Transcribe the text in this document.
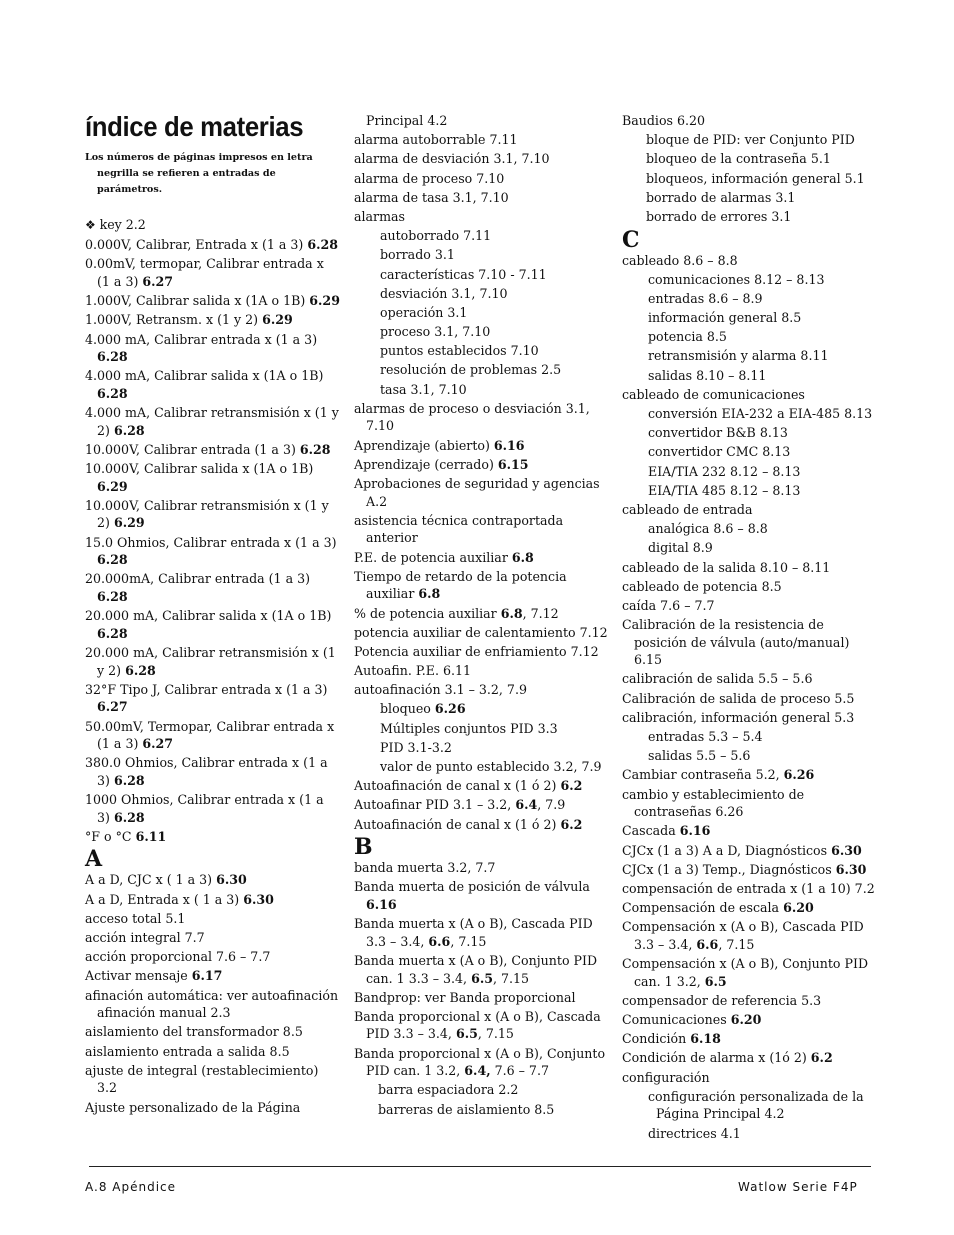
índice de materias
Los números de páginas impresos en letra negrilla se refieren a entradas de parámetros.
❖ key 2.2
0.000V, Calibrar, Entrada x (1 a 3) 6.28
0.00mV, termopar, Calibrar entrada x (1 a 3) 6.27
1.000V, Calibrar salida x (1A o 1B) 6.29
1.000V, Retransm. x (1 y 2) 6.29
4.000 mA, Calibrar entrada x (1 a 3) 6.28
4.000 mA, Calibrar salida x (1A o 1B) 6.28
4.000 mA, Calibrar retransmisión x (1 y 2) 6.28
10.000V, Calibrar entrada (1 a 3) 6.28
10.000V, Calibrar salida x (1A o 1B) 6.29
10.000V, Calibrar retransmisión x (1 y 2) 6.29
15.0 Ohmios, Calibrar entrada x (1 a 3) 6.28
20.000mA, Calibrar entrada (1 a 3) 6.28
20.000 mA, Calibrar salida x (1A o 1B) 6.28
20.000 mA, Calibrar retransmisión x (1 y 2) 6.28
32°F Tipo J, Calibrar entrada x (1 a 3) 6.27
50.00mV, Termopar, Calibrar entrada x (1 a 3) 6.27
380.0 Ohmios, Calibrar entrada x (1 a 3) 6.28
1000 Ohmios, Calibrar entrada x (1 a 3) 6.28
°F o °C 6.11
A
A a D, CJC x ( 1 a 3) 6.30
A a D, Entrada x ( 1 a 3) 6.30
acceso total 5.1
acción integral 7.7
acción proporcional 7.6 – 7.7
Activar mensaje 6.17
afinación automática: ver autoafinación afinación manual 2.3
aislamiento del transformador 8.5
aislamiento entrada a salida 8.5
ajuste de integral (restablecimiento) 3.2
Ajuste personalizado de la Página
Principal 4.2
alarma autoborrable 7.11
alarma de desviación 3.1, 7.10
alarma de proceso 7.10
alarma de tasa 3.1, 7.10
alarmas
autoborrado 7.11
borrado 3.1
características 7.10 - 7.11
desviación 3.1, 7.10
operación 3.1
proceso 3.1, 7.10
puntos establecidos 7.10
resolución de problemas 2.5
tasa 3.1, 7.10
alarmas de proceso o desviación 3.1, 7.10
Aprendizaje (abierto) 6.16
Aprendizaje (cerrado) 6.15
Aprobaciones de seguridad y agencias A.2
asistencia técnica contraportada anterior
P.E. de potencia auxiliar 6.8
Tiempo de retardo de la potencia auxiliar 6.8
% de potencia auxiliar 6.8, 7.12
potencia auxiliar de calentamiento 7.12
Potencia auxiliar de enfriamiento 7.12
Autoafin. P.E. 6.11
autoafinación 3.1 – 3.2, 7.9
bloqueo 6.26
Múltiples conjuntos PID 3.3
PID 3.1-3.2
valor de punto establecido 3.2, 7.9
Autoafinación de canal x (1 ó 2) 6.2
Autoafinar PID 3.1 – 3.2, 6.4, 7.9
Autoafinación de canal x (1 ó 2) 6.2
B
banda muerta 3.2, 7.7
Banda muerta de posición de válvula 6.16
Banda muerta x (A o B), Cascada PID 3.3 – 3.4, 6.6, 7.15
Banda muerta x (A o B), Conjunto PID can. 1 3.3 – 3.4, 6.5, 7.15
Bandprop: ver Banda proporcional
Banda proporcional x (A o B), Cascada PID 3.3 – 3.4, 6.5, 7.15
Banda proporcional x (A o B), Conjunto PID can. 1 3.2, 6.4, 7.6 – 7.7
barra espaciadora 2.2
barreras de aislamiento 8.5
Baudios 6.20
bloque de PID: ver Conjunto PID
bloqueo de la contraseña 5.1
bloqueos, información general 5.1
borrado de alarmas 3.1
borrado de errores 3.1
C
cableado 8.6 – 8.8
comunicaciones 8.12 – 8.13
entradas 8.6 – 8.9
información general 8.5
potencia 8.5
retransmisión y alarma 8.11
salidas 8.10 – 8.11
cableado de comunicaciones
conversión EIA-232 a EIA-485 8.13
convertidor B&B 8.13
convertidor CMC 8.13
EIA/TIA 232 8.12 – 8.13
EIA/TIA 485 8.12 – 8.13
cableado de entrada
analógica 8.6 – 8.8
digital 8.9
cableado de la salida 8.10 – 8.11
cableado de potencia 8.5
caída 7.6 – 7.7
Calibración de la resistencia de posición de válvula (auto/manual) 6.15
calibración de salida 5.5 – 5.6
Calibración de salida de proceso 5.5
calibración, información general 5.3
entradas 5.3 – 5.4
salidas 5.5 – 5.6
Cambiar contraseña 5.2, 6.26
cambio y establecimiento de contraseñas 6.26
Cascada 6.16
CJCx (1 a 3) A a D, Diagnósticos 6.30
CJCx (1 a 3) Temp., Diagnósticos 6.30
compensación de entrada x (1 a 10) 7.2
Compensación de escala 6.20
Compensación x (A o B), Cascada PID 3.3 – 3.4, 6.6, 7.15
Compensación x (A o B), Conjunto PID can. 1 3.2, 6.5
compensador de referencia 5.3
Comunicaciones 6.20
Condición 6.18
Condición de alarma x (1ó 2) 6.2
configuración
configuración personalizada de la Página Principal 4.2
directrices 4.1
A.8 Apéndice	Watlow Serie F4P
